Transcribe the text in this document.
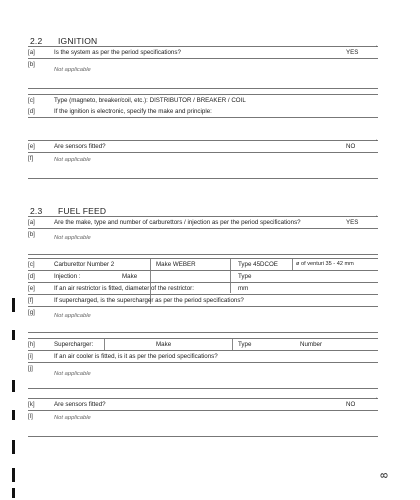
2.2 IGNITION
[a]	Is the system as per the period specifications?	YES	'
[b]
Not applicable
[c]	Type (magneto, breaker/coil, etc.): DISTRIBUTOR / BREAKER / COIL
[d]	If the ignition is electronic, specify the make and principle:
[e]	Are sensors fitted?	NO	'
[f]	Not applicable
2.3 FUEL FEED
[a]	Are the make, type and number of carburettors / injection as per the period specifications?	YES	'
[b]	Not applicable
[c]	Carburettor Number 2	Make WEBER	Type 45DCOE	ø of venturi 35 - 42 mm
[d]	Injection :	Make	Type
[e]	If an air restrictor is fitted, diameter of the restrictor:	mm
[f]	If supercharged, is the supercharger as per the period specifications?
[g]	Not applicable
[h]	Supercharger:	Make	Type	Number
[i]	If an air cooler is fitted, is it as per the period specifications?
[j]
Not applicable
[k]	Are sensors fitted?	NO	'
[l]	Not applicable
8
